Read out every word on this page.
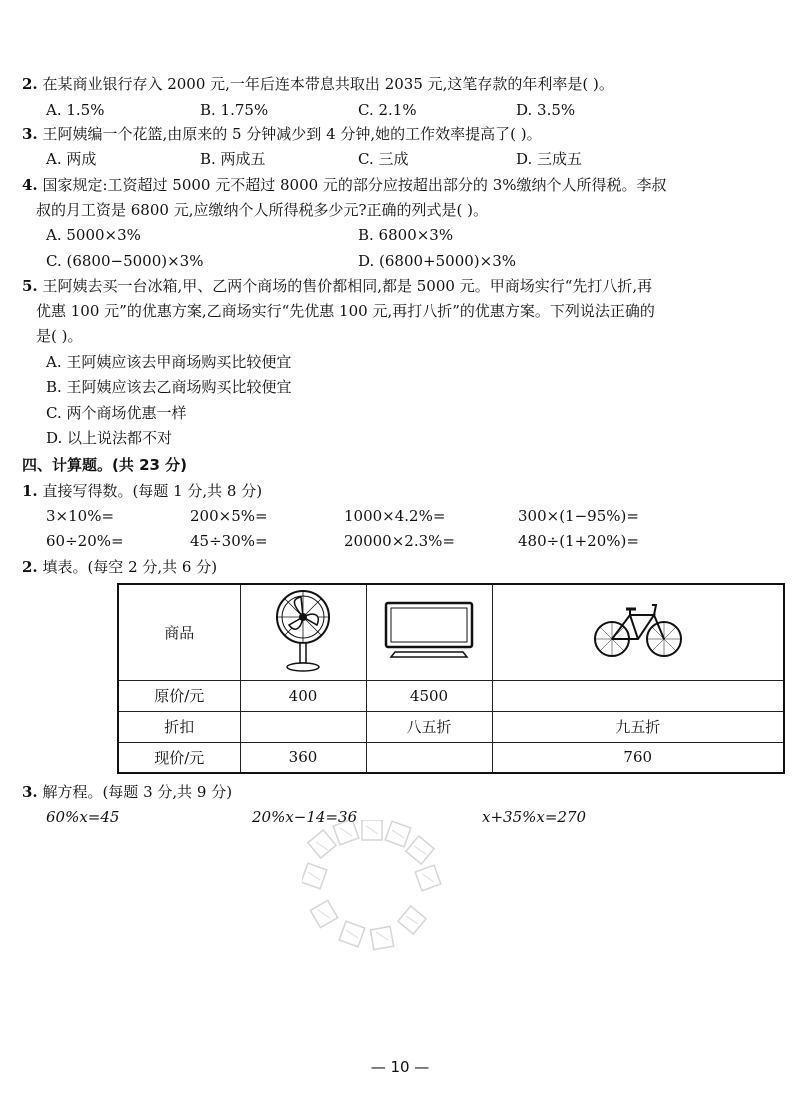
2. 在某商业银行存入 2000 元,一年后连本带息共取出 2035 元,这笔存款的年利率是( )。
A. 1.5%	B. 1.75%	C. 2.1%	D. 3.5%
3. 王阿姨编一个花篮,由原来的 5 分钟减少到 4 分钟,她的工作效率提高了( )。
A. 两成	B. 两成五	C. 三成	D. 三成五
4. 国家规定:工资超过 5000 元不超过 8000 元的部分应按超出部分的 3%缴纳个人所得税。李叔
叔的月工资是 6800 元,应缴纳个人所得税多少元?正确的列式是( )。
A. 5000×3%	B. 6800×3%
C. (6800−5000)×3%	D. (6800+5000)×3%
5. 王阿姨去买一台冰箱,甲、乙两个商场的售价都相同,都是 5000 元。甲商场实行“先打八折,再
优惠 100 元”的优惠方案,乙商场实行“先优惠 100 元,再打八折”的优惠方案。下列说法正确的
是( )。
A. 王阿姨应该去甲商场购买比较便宜
B. 王阿姨应该去乙商场购买比较便宜
C. 两个商场优惠一样
D. 以上说法都不对
四、计算题。(共 23 分)
1. 直接写得数。(每题 1 分,共 8 分)
3×10%=	200×5%=	1000×4.2%=	300×(1−95%)=
60÷20%=	45÷30%=	20000×2.3%=	480÷(1+20%)=
2. 填表。(每空 2 分,共 6 分)
商品			
原价/元	400	4500	
折扣		八五折	九五折
现价/元	360		760
3. 解方程。(每题 3 分,共 9 分)
60%x=45	20%x−14=36	x+35%x=270
— 10 —
